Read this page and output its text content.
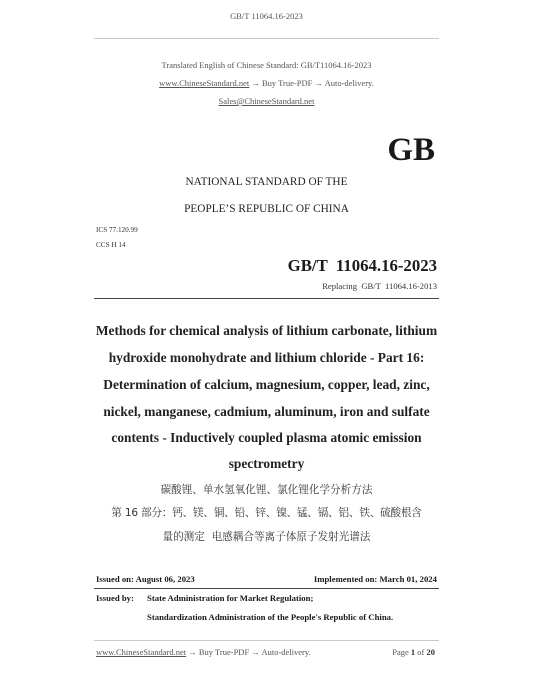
GB/T 11064.16-2023
Translated English of Chinese Standard: GB/T11064.16-2023
www.ChineseStandard.net → Buy True-PDF → Auto-delivery.
Sales@ChineseStandard.net
GB
NATIONAL STANDARD OF THE
PEOPLE’S REPUBLIC OF CHINA
ICS 77.120.99
CCS H 14
GB/T  11064.16-2023
Replacing  GB/T  11064.16-2013
Methods for chemical analysis of lithium carbonate, lithium
hydroxide monohydrate and lithium chloride - Part 16:
Determination of calcium, magnesium, copper, lead, zinc,
nickel, manganese, cadmium, aluminum, iron and sulfate
contents - Inductively coupled plasma atomic emission
spectrometry
碳酸锂、单水氢氧化锂、氯化锂化学分析方法
第 16 部分：钙、镁、铜、铅、锌、镍、锰、镉、铝、铁、硫酸根含
量的测定  电感耦合等离子体原子发射光谱法
Issued on: August 06, 2023	Implemented on: March 01, 2024
Issued by: State Administration for Market Regulation;
Standardization Administration of the People's Republic of China.
www.ChineseStandard.net → Buy True-PDF → Auto-delivery.	Page 1 of 20
